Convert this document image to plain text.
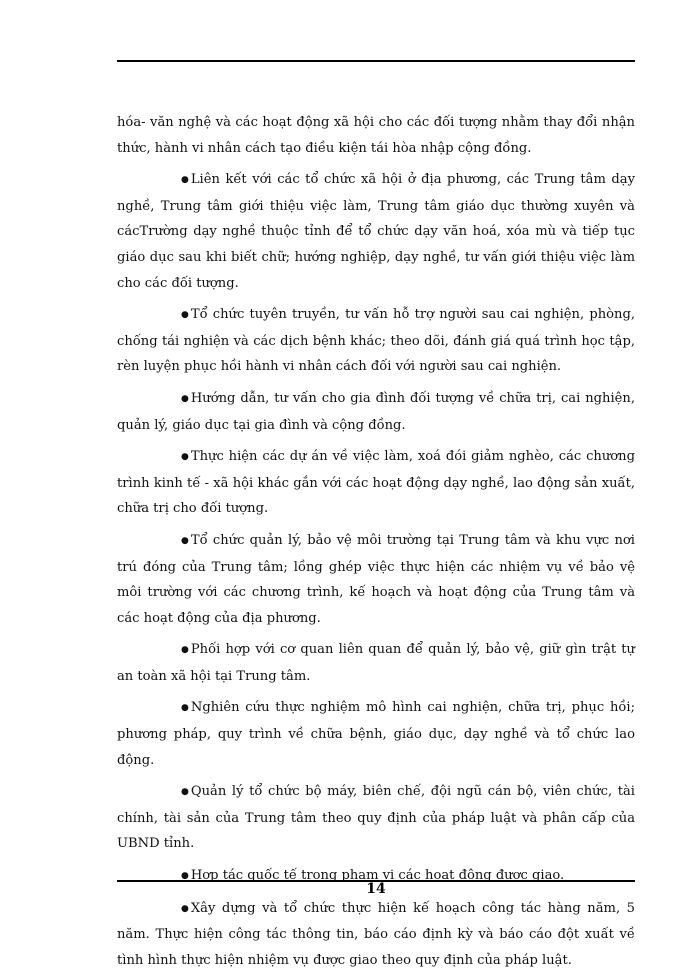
hóa- văn nghệ và các hoạt động xã hội cho các đối tượng nhằm thay đổi nhận thức, hành vi nhân cách tạo điều kiện tái hòa nhập cộng đồng.

● Liên kết với các tổ chức xã hội ở địa phương, các Trung tâm dạy nghề, Trung tâm giới thiệu việc làm, Trung tâm giáo dục thường xuyên và cácTrường dạy nghề thuộc tỉnh để tổ chức dạy văn hoá, xóa mù và tiếp tục giáo dục sau khi biết chữ; hướng nghiệp, dạy nghề, tư vấn giới thiệu việc làm cho các đối tượng.

● Tổ chức tuyên truyền, tư vấn hỗ trợ người sau cai nghiện, phòng, chống tái nghiện và các dịch bệnh khác; theo dõi, đánh giá quá trình học tập, rèn luyện phục hồi hành vi nhân cách đối với người sau cai nghiện.

● Hướng dẫn, tư vấn cho gia đình đối tượng về chữa trị, cai nghiện, quản lý, giáo dục tại gia đình và cộng đồng.

● Thực hiện các dự án về việc làm, xoá đói giảm nghèo, các chương trình kinh tế - xã hội khác gắn với các hoạt động dạy nghề, lao động sản xuất, chữa trị cho đối tượng.

● Tổ chức quản lý, bảo vệ môi trường tại Trung tâm và khu vực nơi trú đóng của Trung tâm; lồng ghép việc thực hiện các nhiệm vụ về bảo vệ môi trường với các chương trình, kế hoạch và hoạt động của Trung tâm và các hoạt động của địa phương.

● Phối hợp với cơ quan liên quan để quản lý, bảo vệ, giữ gìn trật tự an toàn xã hội tại Trung tâm.

● Nghiên cứu thực nghiệm mô hình cai nghiện, chữa trị, phục hồi; phương pháp, quy trình về chữa bệnh, giáo dục, dạy nghề và tổ chức lao động.

● Quản lý tổ chức bộ máy, biên chế, đội ngũ cán bộ, viên chức, tài chính, tài sản của Trung tâm theo quy định của pháp luật và phân cấp của UBND tỉnh.

● Hợp tác quốc tế trong phạm vi các hoạt động được giao.

● Xây dựng và tổ chức thực hiện kế hoạch công tác hàng năm, 5 năm. Thực hiện công tác thông tin, báo cáo định kỳ và báo cáo đột xuất về tình hình thực hiện nhiệm vụ được giao theo quy định của pháp luật.

14
